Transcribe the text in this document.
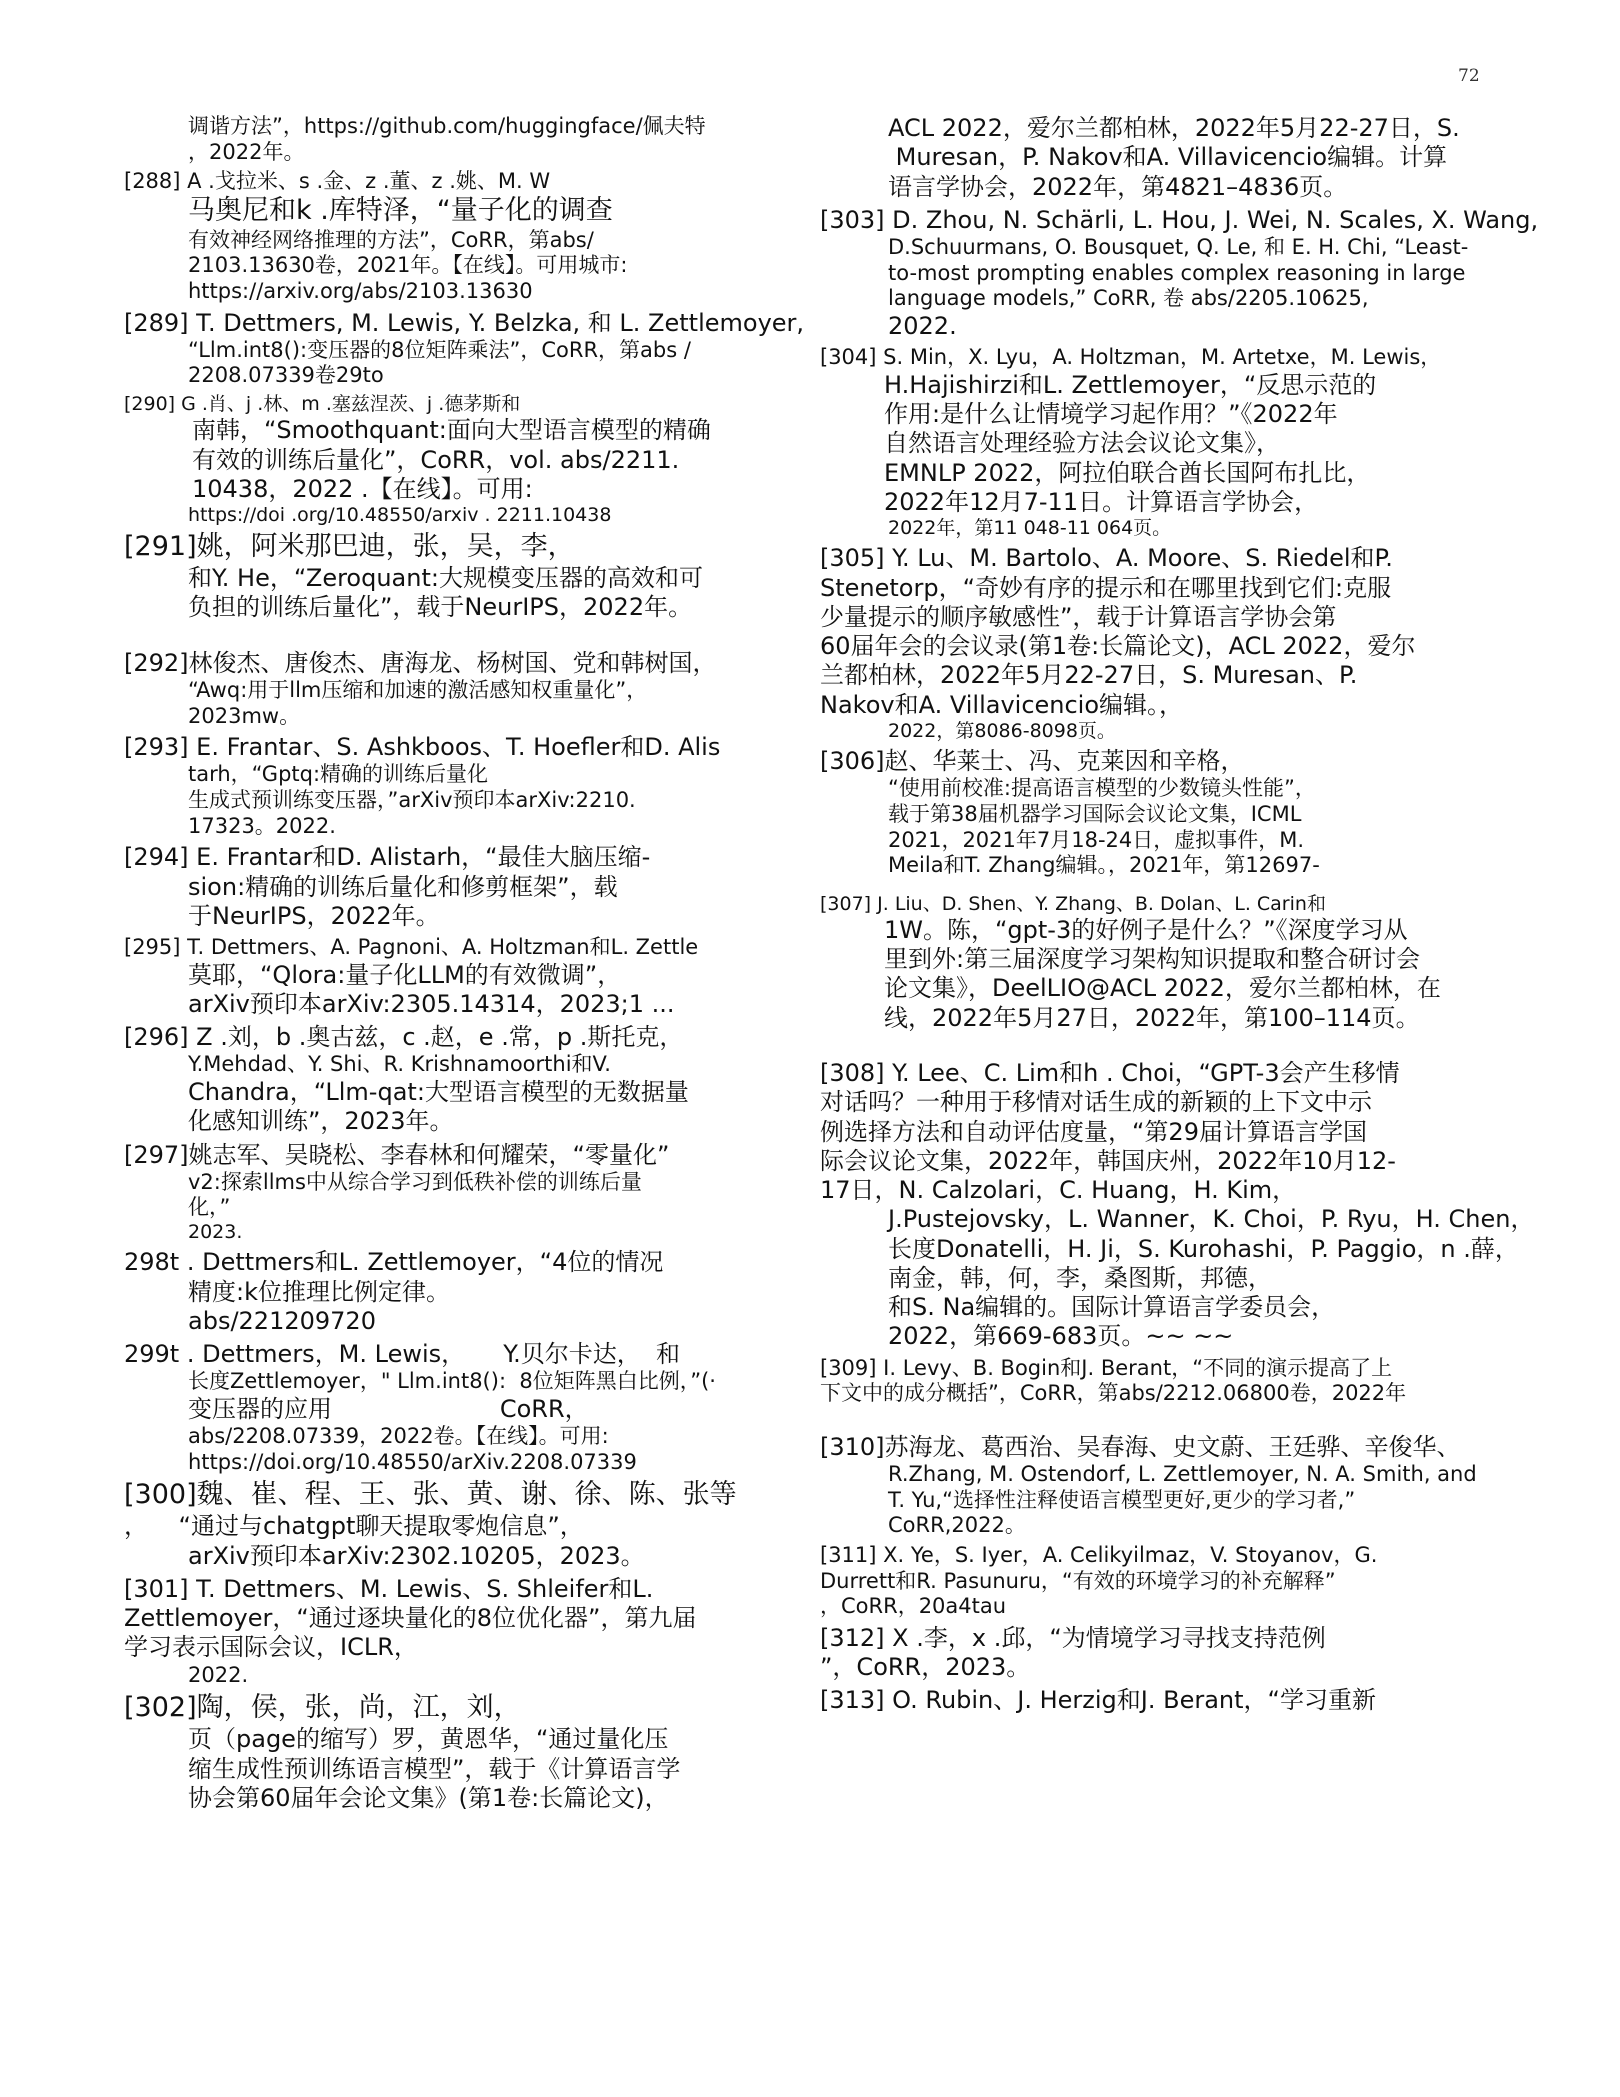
72
调谐方法”，https://github.com/huggingface/佩夫特
，2022年。
[288] A .戈拉米、s .金、z .董、z .姚、M. W
马奥尼和k .库特泽，“量子化的调查
有效神经网络推理的方法”，CoRR，第abs/
2103.13630卷，2021年。【在线】。可用城市:
https://arxiv.org/abs/2103.13630
[289] T. Dettmers, M. Lewis, Y. Belzka, 和 L. Zettlemoyer,
“Llm.int8():变压器的8位矩阵乘法”，CoRR，第abs /
2208.07339卷29to
[290] G .肖、j .林、m .塞兹涅茨、j .德茅斯和
南韩，“Smoothquant:面向大型语言模型的精确
有效的训练后量化”，CoRR，vol. abs/2211.
10438，2022 .【在线】。可用:
https://doi .org/10.48550/arxiv . 2211.10438
[291]姚，阿米那巴迪，张，吴，李，
和Y. He，“Zeroquant:大规模变压器的高效和可
负担的训练后量化”，载于NeurIPS，2022年。
[292]林俊杰、唐俊杰、唐海龙、杨树国、党和韩树国，
“Awq:用于llm压缩和加速的激活感知权重量化”，
2023mw。
[293] E. Frantar、S. Ashkboos、T. Hoefler和D. Alis
tarh，“Gptq:精确的训练后量化
生成式预训练变压器，”arXiv预印本arXiv:2210.
17323。2022.
[294] E. Frantar和D. Alistarh，“最佳大脑压缩-
sion:精确的训练后量化和修剪框架”，载
于NeurIPS，2022年。
[295] T. Dettmers、A. Pagnoni、A. Holtzman和L. Zettle
莫耶，“Qlora:量子化LLM的有效微调”，
arXiv预印本arXiv:2305.14314，2023;1 ...
[296] Z .刘，b .奥古兹，c .赵，e .常，p .斯托克，
Y.Mehdad、Y. Shi、R. Krishnamoorthi和V.
Chandra，“Llm-qat:大型语言模型的无数据量
化感知训练”，2023年。
[297]姚志军、吴晓松、李春林和何耀荣，“零量化”
v2:探索llms中从综合学习到低秩补偿的训练后量
化，”
2023.
298t . Dettmers和L. Zettlemoyer，“4位的情况
精度:k位推理比例定律。
abs/221209720
299t . Dettmers，M. Lewis，     Y.贝尔卡达，  和
长度Zettlemoyer，" Llm.int8():  8位矩阵黑白比例，”(·
变压器的应用                      CoRR，
abs/2208.07339，2022卷。【在线】。可用:
https://doi.org/10.48550/arXiv.2208.07339
[300]魏、崔、程、王、张、黄、谢、徐、陈、张等
，    “通过与chatgpt聊天提取零炮信息”，
arXiv预印本arXiv:2302.10205，2023。
[301] T. Dettmers、M. Lewis、S. Shleifer和L.
Zettlemoyer，“通过逐块量化的8位优化器”，第九届
学习表示国际会议，ICLR，
2022.
[302]陶，侯，张，尚，江，刘，
页（page的缩写）罗，黄恩华，“通过量化压
缩生成性预训练语言模型”，载于《计算语言学
协会第60届年会论文集》(第1卷:长篇论文)，
ACL 2022，爱尔兰都柏林，2022年5月22-27日，S.
Muresan，P. Nakov和A. Villavicencio编辑。计算
语言学协会，2022年，第4821–4836页。
[303] D. Zhou, N. Schärli, L. Hou, J. Wei, N. Scales, X. Wang,
D.Schuurmans, O. Bousquet, Q. Le, 和 E. H. Chi, “Least-
to-most prompting enables complex reasoning in large
language models,” CoRR, 卷 abs/2205.10625,
2022.
[304] S. Min，X. Lyu，A. Holtzman，M. Artetxe，M. Lewis，
H.Hajishirzi和L. Zettlemoyer，“反思示范的
作用:是什么让情境学习起作用？”《2022年
自然语言处理经验方法会议论文集》，
EMNLP 2022，阿拉伯联合酋长国阿布扎比，
2022年12月7-11日。计算语言学协会，
2022年，第11 048-11 064页。
[305] Y. Lu、M. Bartolo、A. Moore、S. Riedel和P.
Stenetorp，“奇妙有序的提示和在哪里找到它们:克服
少量提示的顺序敏感性”，载于计算语言学协会第
60届年会的会议录(第1卷:长篇论文)，ACL 2022，爱尔
兰都柏林，2022年5月22-27日，S. Muresan、P.
Nakov和A. Villavicencio编辑。，
2022，第8086-8098页。
[306]赵、华莱士、冯、克莱因和辛格，
“使用前校准:提高语言模型的少数镜头性能”，
载于第38届机器学习国际会议论文集，ICML
2021，2021年7月18-24日，虚拟事件，M.
Meila和T. Zhang编辑。，2021年，第12697-
[307] J. Liu、D. Shen、Y. Zhang、B. Dolan、L. Carin和
1W。陈，“gpt-3的好例子是什么？”《深度学习从
里到外:第三届深度学习架构知识提取和整合研讨会
论文集》，DeelLIO@ACL 2022，爱尔兰都柏林，在
线，2022年5月27日，2022年，第100–114页。
[308] Y. Lee、C. Lim和h . Choi，“GPT-3会产生移情
对话吗？一种用于移情对话生成的新颖的上下文中示
例选择方法和自动评估度量，“第29届计算语言学国
际会议论文集，2022年，韩国庆州，2022年10月12-
17日，N. Calzolari，C. Huang，H. Kim，
J.Pustejovsky，L. Wanner，K. Choi，P. Ryu，H. Chen，
长度Donatelli，H. Ji，S. Kurohashi，P. Paggio，n .薛，
南金，韩，何，李，桑图斯，邦德，
和S. Na编辑的。国际计算语言学委员会，
2022，第669-683页。~~ ~~
[309] I. Levy、B. Bogin和J. Berant，“不同的演示提高了上
下文中的成分概括”，CoRR，第abs/2212.06800卷，2022年
[310]苏海龙、葛西治、吴春海、史文蔚、王廷骅、辛俊华、
R.Zhang, M. Ostendorf, L. Zettlemoyer, N. A. Smith, and
T. Yu,“选择性注释使语言模型更好,更少的学习者,”
CoRR,2022。
[311] X. Ye，S. Iyer，A. Celikyilmaz，V. Stoyanov，G.
Durrett和R. Pasunuru，“有效的环境学习的补充解释”
，CoRR，20a4tau
[312] X .李，x .邱，“为情境学习寻找支持范例
”，CoRR，2023。
[313] O. Rubin、J. Herzig和J. Berant，“学习重新
